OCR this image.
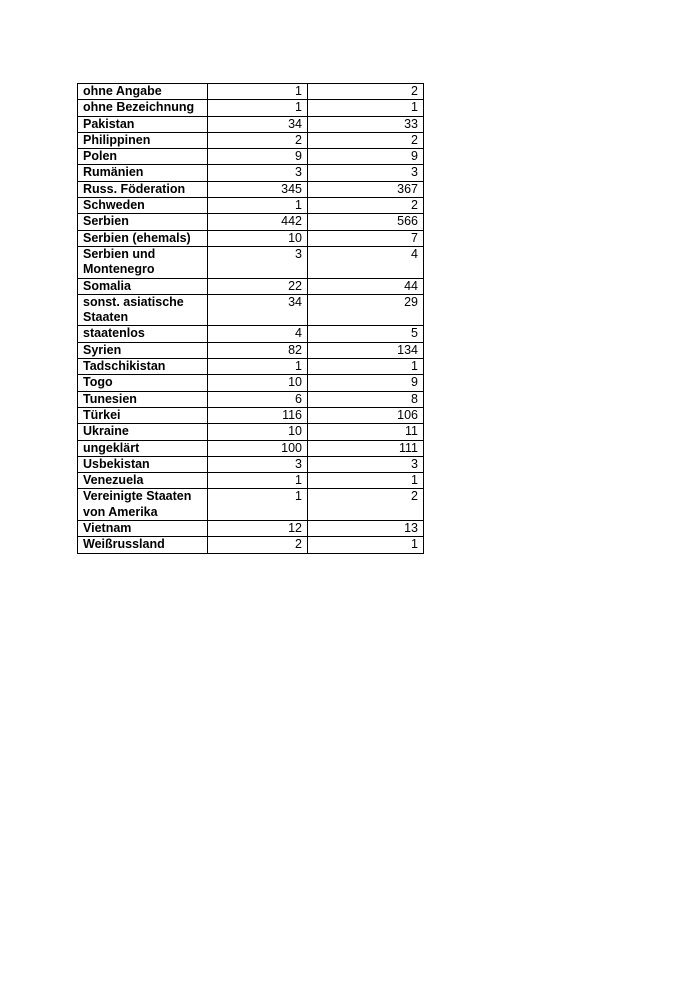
ohne Angabe	1	2
ohne Bezeichnung	1	1
Pakistan	34	33
Philippinen	2	2
Polen	9	9
Rumänien	3	3
Russ. Föderation	345	367
Schweden	1	2
Serbien	442	566
Serbien (ehemals)	10	7
Serbien und Montenegro	3	4
Somalia	22	44
sonst. asiatische Staaten	34	29
staatenlos	4	5
Syrien	82	134
Tadschikistan	1	1
Togo	10	9
Tunesien	6	8
Türkei	116	106
Ukraine	10	11
ungeklärt	100	111
Usbekistan	3	3
Venezuela	1	1
Vereinigte Staaten von Amerika	1	2
Vietnam	12	13
Weißrussland	2	1
